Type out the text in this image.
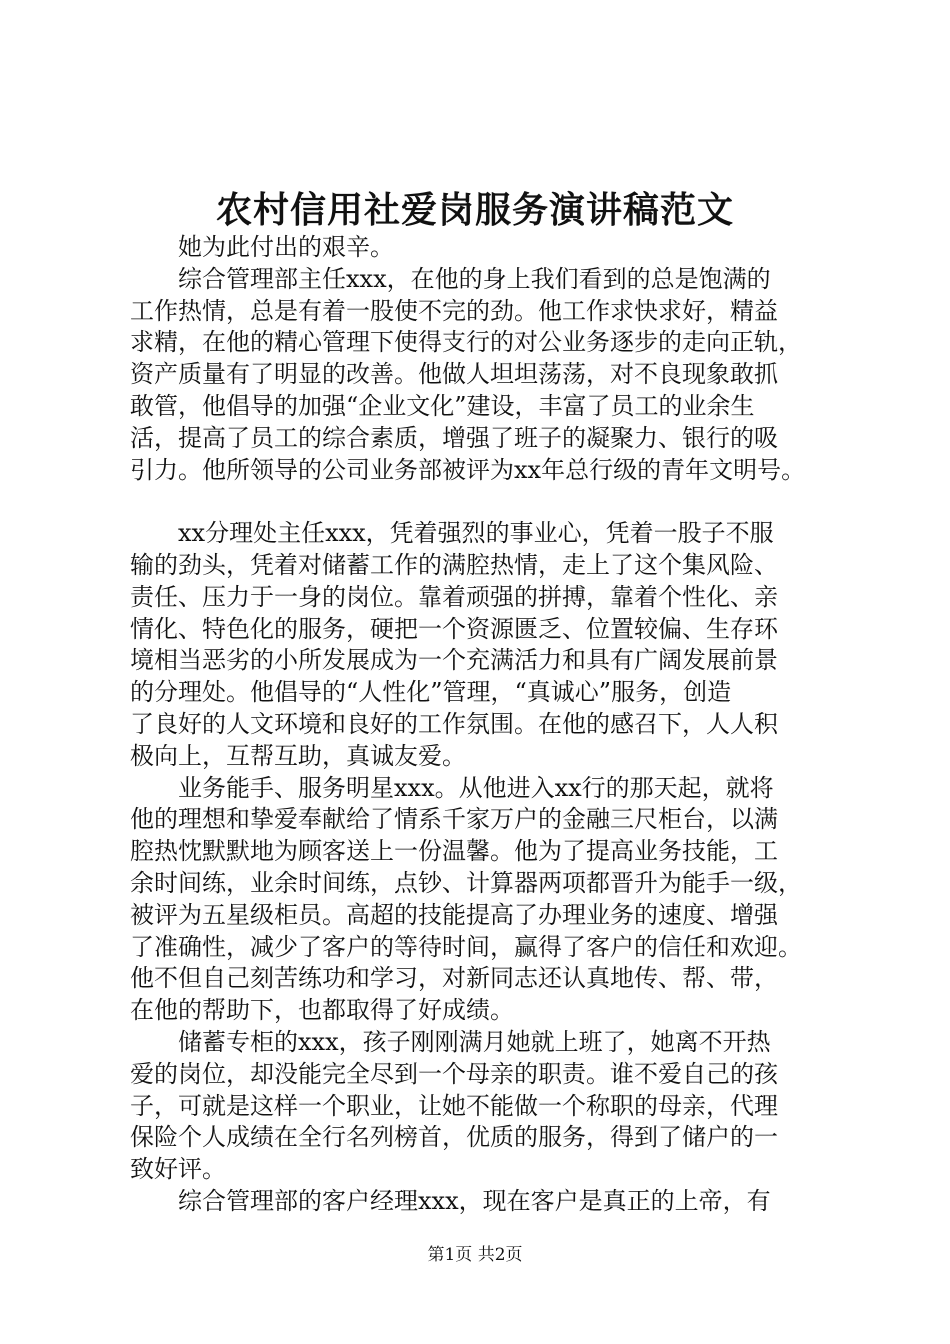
农村信用社爱岗服务演讲稿范文

　　她为此付出的艰辛。

　　综合管理部主任xxx，在他的身上我们看到的总是饱满的

工作热情，总是有着一股使不完的劲。他工作求快求好，精益

求精，在他的精心管理下使得支行的对公业务逐步的走向正轨，

资产质量有了明显的改善。他做人坦坦荡荡，对不良现象敢抓

敢管，他倡导的加强“企业文化”建设，丰富了员工的业余生

活，提高了员工的综合素质，增强了班子的凝聚力、银行的吸

引力。他所领导的公司业务部被评为xx年总行级的青年文明号。

　　xx分理处主任xxx，凭着强烈的事业心，凭着一股子不服

输的劲头，凭着对储蓄工作的满腔热情，走上了这个集风险、

责任、压力于一身的岗位。靠着顽强的拼搏，靠着个性化、亲

情化、特色化的服务，硬把一个资源匮乏、位置较偏、生存环

境相当恶劣的小所发展成为一个充满活力和具有广阔发展前景

的分理处。他倡导的“人性化”管理，“真诚心”服务，创造

了良好的人文环境和良好的工作氛围。在他的感召下，人人积

极向上，互帮互助，真诚友爱。

　　业务能手、服务明星xxx。从他进入xx行的那天起，就将

他的理想和挚爱奉献给了情系千家万户的金融三尺柜台，以满

腔热忱默默地为顾客送上一份温馨。他为了提高业务技能，工

余时间练，业余时间练，点钞、计算器两项都晋升为能手一级，

被评为五星级柜员。高超的技能提高了办理业务的速度、增强

了准确性，减少了客户的等待时间，赢得了客户的信任和欢迎。

他不但自己刻苦练功和学习，对新同志还认真地传、帮、带，

在他的帮助下，也都取得了好成绩。

　　储蓄专柜的xxx，孩子刚刚满月她就上班了，她离不开热

爱的岗位，却没能完全尽到一个母亲的职责。谁不爱自己的孩

子，可就是这样一个职业，让她不能做一个称职的母亲，代理

保险个人成绩在全行名列榜首，优质的服务，得到了储户的一

致好评。

　　综合管理部的客户经理xxx，现在客户是真正的上帝，有

第1页 共2页
